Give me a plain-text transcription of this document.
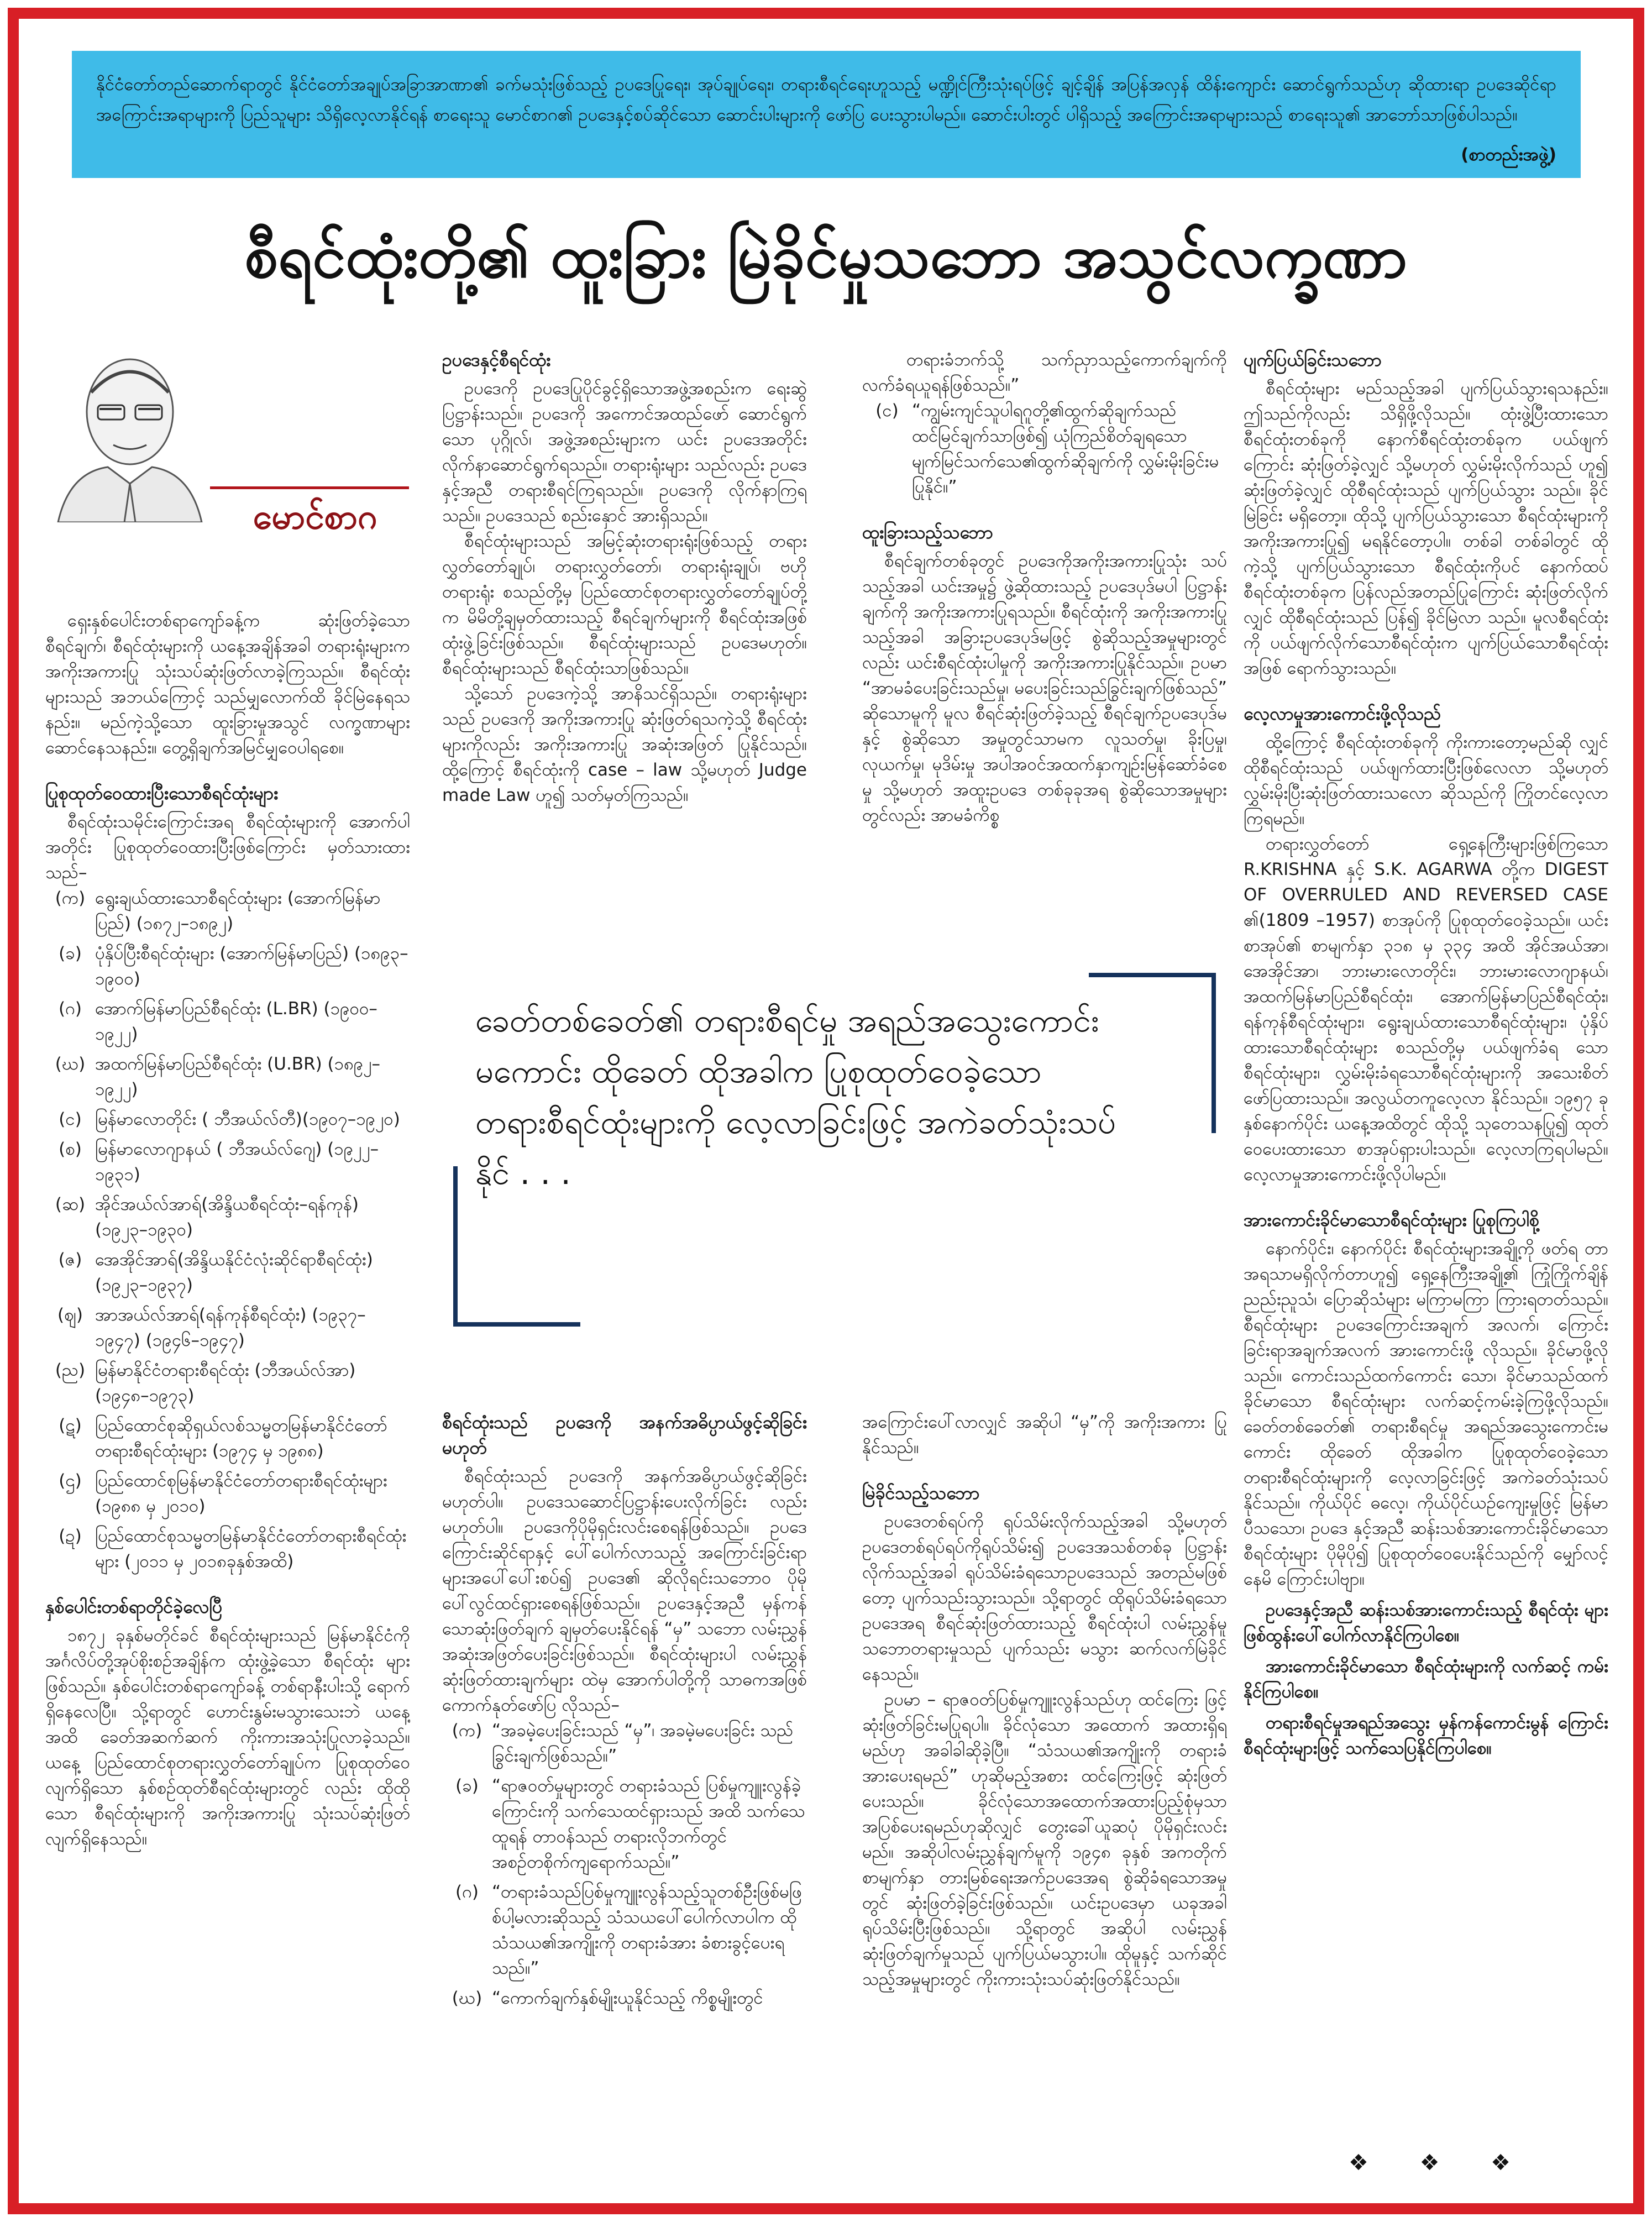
နိုင်ငံတော်တည်ဆောက်ရာတွင် နိုင်ငံတော်အချုပ်အခြာအာဏာ၏ ခက်မသုံးဖြစ်သည့် ဥပဒေပြုရေး၊ အုပ်ချုပ်ရေး၊ တရားစီရင်ရေးဟူသည့် မဏ္ဍိုင်ကြီးသုံးရပ်ဖြင့် ချင့်ချိန် အပြန်အလှန် ထိန်းကျောင်း ဆောင်ရွက်သည်ဟု ဆိုထားရာ ဥပဒေဆိုင်ရာ အကြောင်းအရာများကို ပြည်သူများ သိရှိလေ့လာနိုင်ရန် စာရေးသူ မောင်စာဂ၏ ဥပဒေနှင့်စပ်ဆိုင်သော ဆောင်းပါးများကို ဖော်ပြ ပေးသွားပါမည်။ ဆောင်းပါးတွင် ပါရှိသည့် အကြောင်းအရာများသည် စာရေးသူ၏ အာဘော်သာဖြစ်ပါသည်။
(စာတည်းအဖွဲ့)
စီရင်ထုံးတို့၏ ထူးခြား မြဲခိုင်မှုသဘော အသွင်လက္ခဏာ
မောင်စာဂ

ရှေးနှစ်ပေါင်းတစ်ရာကျော်ခန့်က ဆုံးဖြတ်ခဲ့သော စီရင်ချက်၊ စီရင်ထုံးများကို ယနေ့အချိန်အခါ တရားရုံးများက အကိုးအကားပြု သုံးသပ်ဆုံးဖြတ်လာခဲ့ကြသည်။ စီရင်ထုံးများသည် အဘယ်ကြောင့် သည်မျှလောက်ထိ ခိုင်မြဲနေရသနည်း။ မည်ကဲ့သို့သော ထူးခြားမှုအသွင် လက္ခဏာများ ဆောင်နေသနည်း။ တွေ့ရှိချက်အမြင်မျှဝေပါရစေ။

ပြုစုထုတ်ဝေထားပြီးသောစီရင်ထုံးများ

စီရင်ထုံးသမိုင်းကြောင်းအရ စီရင်ထုံးများကို အောက်ပါ အတိုင်း ပြုစုထုတ်ဝေထားပြီးဖြစ်ကြောင်း မှတ်သားထား သည်–

(က) ရွေးချယ်ထားသောစီရင်ထုံးများ (အောက်မြန်မာပြည်) (၁၈၇၂–၁၈၉၂)
(ခ) ပုံနှိပ်ပြီးစီရင်ထုံးများ (အောက်မြန်မာပြည်) (၁၈၉၃–၁၉၀၀)
(ဂ) အောက်မြန်မာပြည်စီရင်ထုံး (L.BR) (၁၉၀၀–၁၉၂၂)
(ဃ) အထက်မြန်မာပြည်စီရင်ထုံး (U.BR) (၁၈၉၂–၁၉၂၂)
(င) မြန်မာလောတိုင်း ( ဘီအယ်လ်တီ)(၁၉၀၇–၁၉၂၀)
(စ) မြန်မာလောဂျာနယ် ( ဘီအယ်လ်ဂျေ) (၁၉၂၂–၁၉၃၁)
(ဆ) အိုင်အယ်လ်အာရ်(အိန္ဒိယစီရင်ထုံး–ရန်ကုန်) (၁၉၂၃–၁၉၃၀)
(ဇ) အေအိုင်အာရ်(အိန္ဒိယနိုင်ငံလုံးဆိုင်ရာစီရင်ထုံး)(၁၉၂၃–၁၉၃၇)
(ဈ) အာအယ်လ်အာရ်(ရန်ကုန်စီရင်ထုံး) (၁၉၃၇–၁၉၄၇) (၁၉၄၆–၁၉၄၇)
(ည) မြန်မာနိုင်ငံတရားစီရင်ထုံး (ဘီအယ်လ်အာ) (၁၉၄၈–၁၉၇၃)
(ဋ) ပြည်ထောင်စုဆိုရှယ်လစ်သမ္မတမြန်မာနိုင်ငံတော်တရားစီရင်ထုံးများ (၁၉၇၄ မှ ၁၉၈၈)
(ဌ) ပြည်ထောင်စုမြန်မာနိုင်ငံတော်တရားစီရင်ထုံးများ (၁၉၈၈ မှ ၂၀၁၀)
(ဍ) ပြည်ထောင်စုသမ္မတမြန်မာနိုင်ငံတော်တရားစီရင်ထုံးများ (၂၀၁၁ မှ ၂၀၁၈ခုနှစ်အထိ)
နှစ်ပေါင်းတစ်ရာတိုင်ခဲ့လေပြီ

၁၈၇၂ ခုနှစ်မတိုင်ခင် စီရင်ထုံးများသည် မြန်မာနိုင်ငံကို အင်္ဂလိပ်တို့အုပ်စိုးစဉ်အချိန်က ထုံးဖွဲ့ခဲ့သော စီရင်ထုံး များဖြစ်သည်။ နှစ်ပေါင်းတစ်ရာကျော်ခန့် တစ်ရာနီးပါးသို့ ရောက်ရှိနေလေပြီ။ သို့ရာတွင် ဟောင်းနွမ်းမသွားသေးဘဲ ယနေ့အထိ ခေတ်အဆက်ဆက် ကိုးကားအသုံးပြုလာခဲ့သည်။ ယနေ့ ပြည်ထောင်စုတရားလွှတ်တော်ချုပ်က ပြုစုထုတ်ဝေလျက်ရှိသော နှစ်စဉ်ထုတ်စီရင်ထုံးများတွင် လည်း ထိုထိုသော စီရင်ထုံးများကို အကိုးအကားပြု သုံးသပ်ဆုံးဖြတ်လျက်ရှိနေသည်။

ဥပဒေနှင့်စီရင်ထုံး

ဥပဒေကို ဥပဒေပြုပိုင်ခွင့်ရှိသောအဖွဲ့အစည်းက ရေးဆွဲပြဋ္ဌာန်းသည်။ ဥပဒေကို အကောင်အထည်ဖော် ဆောင်ရွက်သော ပုဂ္ဂိုလ်၊ အဖွဲ့အစည်းများက ယင်း ဥပဒေအတိုင်း လိုက်နာဆောင်ရွက်ရသည်။ တရားရုံးများ သည်လည်း ဥပဒေနှင့်အညီ တရားစီရင်ကြရသည်။ ဥပဒေကို လိုက်နာကြရသည်။ ဥပဒေသည် စည်းနှောင် အားရှိသည်။

စီရင်ထုံးများသည် အမြင့်ဆုံးတရားရုံးဖြစ်သည့် တရားလွှတ်တော်ချုပ်၊ တရားလွှတ်တော်၊ တရားရုံးချုပ်၊ ဗဟိုတရားရုံး စသည်တို့မှ ပြည်ထောင်စုတရားလွှတ်တော်ချုပ်တို့က မိမိတို့ချမှတ်ထားသည့် စီရင်ချက်များကို စီရင်ထုံးအဖြစ် ထုံးဖွဲ့ခြင်းဖြစ်သည်။ စီရင်ထုံးများသည် ဥပဒေမဟုတ်။ စီရင်ထုံးများသည် စီရင်ထုံးသာဖြစ်သည်။

သို့သော် ဥပဒေကဲ့သို့ အာနိသင်ရှိသည်။ တရားရုံးများ သည် ဥပဒေကို အကိုးအကားပြု ဆုံးဖြတ်ရသကဲ့သို့ စီရင်ထုံးများကိုလည်း အကိုးအကားပြု အဆုံးအဖြတ် ပြုနိုင်သည်။ ထို့ကြောင့် စီရင်ထုံးကို case – law သို့မဟုတ် Judge made Law ဟူ၍ သတ်မှတ်ကြသည်။

တရားခံဘက်သို့ သက်ညှာသည့်ကောက်ချက်ကို လက်ခံရယူရန်ဖြစ်သည်။”

(င) “ကျွမ်းကျင်သူပါရဂူတို့၏ထွက်ဆိုချက်သည် ထင်မြင်ချက်သာဖြစ်၍ ယုံကြည်စိတ်ချရသော မျက်မြင်သက်သေ၏ထွက်ဆိုချက်ကို လွှမ်းမိုးခြင်းမပြုနိုင်။”
ထူးခြားသည့်သဘော

စီရင်ချက်တစ်ခုတွင် ဥပဒေကိုအကိုးအကားပြုသုံး သပ်သည့်အခါ ယင်းအမှု၌ ဖွဲ့ဆိုထားသည့် ဥပဒေပုဒ်မပါ ပြဋ္ဌာန်းချက်ကို အကိုးအကားပြုရသည်။ စီရင်ထုံးကို အကိုးအကားပြုသည့်အခါ အခြားဥပဒေပုဒ်မဖြင့် စွဲဆိုသည့်အမှုများတွင်လည်း ယင်းစီရင်ထုံးပါမှုကို အကိုးအကားပြုနိုင်သည်။ ဥပမာ “အာမခံပေးခြင်းသည်မှု၊ မပေးခြင်းသည်ခြွင်းချက်ဖြစ်သည်” ဆိုသောမူကို မူလ စီရင်ဆုံးဖြတ်ခဲ့သည့် စီရင်ချက်ဥပဒေပုဒ်မနှင့် စွဲဆိုသော အမှုတွင်သာမက လူသတ်မှု၊ ခိုးပြမှု၊ လုယက်မှု၊ မုဒိမ်းမှု အပါအဝင်အထက်နှာကျဉ်းမြန်ဆော်ခံစေမှု သို့မဟုတ် အထူးဥပဒေ တစ်ခုခုအရ စွဲဆိုသောအမှုများတွင်လည်း အာမခံကိစ္စ

ခေတ်တစ်ခေတ်၏ တရားစီရင်မှု အရည်အသွေးကောင်း မကောင်း ထိုခေတ် ထိုအခါက ပြုစုထုတ်ဝေခဲ့သော တရားစီရင်ထုံးများကို လေ့လာခြင်းဖြင့် အကဲခတ်သုံးသပ်နိုင် . . .
စီရင်ထုံးသည် ဥပဒေကို အနက်အဓိပ္ပာယ်ဖွင့်ဆိုခြင်းမဟုတ်

စီရင်ထုံးသည် ဥပဒေကို အနက်အဓိပ္ပာယ်ဖွင့်ဆိုခြင်း မဟုတ်ပါ။ ဥပဒေသဆောင်ပြဋ္ဌာန်းပေးလိုက်ခြင်း လည်းမဟုတ်ပါ။ ဥပဒေကိုပိုမိုရှင်းလင်းစေရန်ဖြစ်သည်။ ဥပဒေကြောင်းဆိုင်ရာနှင့် ပေါ်ပေါက်လာသည့် အကြောင်းခြင်းရာများအပေါ်ပေါ်းစပ်၍ ဥပဒေ၏ ဆိုလိုရင်းသဘောဝ ပိုမိုပေါ်လွင်ထင်ရှားစေရန်ဖြစ်သည်။ ဥပဒေနှင့်အညီ မှန်ကန်သောဆုံးဖြတ်ချက် ချမှတ်ပေးနိုင်ရန် “မှ” သဘော လမ်းညွှန်အဆုံးအဖြတ်ပေးခြင်းဖြစ်သည်။ စီရင်ထုံးများပါ လမ်းညွှန်ဆုံးဖြတ်ထားချက်များ ထဲမှ အောက်ပါတို့ကို သာဓကအဖြစ် ကောက်နုတ်ဖော်ပြ လိုသည်–

(က) “အခမဲ့ပေးခြင်းသည် “မှ”၊ အခမဲ့မပေးခြင်း သည် ခြွင်းချက်ဖြစ်သည်။”
(ခ) “ရာဇဝတ်မှုများတွင် တရားခံသည် ပြစ်မှုကျူးလွန်ခဲ့ကြောင်းကို သက်သေထင်ရှားသည် အထိ သက်သေထူရန် တာဝန်သည် တရားလိုဘက်တွင် အစဉ်တစိုက်ကျရောက်သည်။”
(ဂ) “တရားခံသည်ပြစ်မှုကျူးလွန်သည့်သူတစ်ဦးဖြစ်မဖြစ်ပါ့မလားဆိုသည့် သံသယပေါ်ပေါက်လာပါက ထိုသံသယ၏အကျိုးကို တရားခံအား ခံစားခွင့်ပေးရသည်။”
(ဃ) “ကောက်ချက်နှစ်မျိုးယူနိုင်သည့် ကိစ္စမျိုးတွင်

အကြောင်းပေါ်လာလျှင် အဆိုပါ “မှ”ကို အကိုးအကား ပြုနိုင်သည်။

မြဲခိုင်သည့်သဘော

ဥပဒေတစ်ရပ်ကို ရုပ်သိမ်းလိုက်သည့်အခါ သို့မဟုတ် ဥပဒေတစ်ရပ်ရပ်ကိုရုပ်သိမ်း၍ ဥပဒေအသစ်တစ်ခု ပြဋ္ဌာန်းလိုက်သည့်အခါ ရုပ်သိမ်းခံရသောဥပဒေသည် အတည်မဖြစ်တော့ ပျက်သည်းသွားသည်။ သို့ရာတွင် ထိုရုပ်သိမ်းခံရသောဥပဒေအရ စီရင်ဆုံးဖြတ်ထားသည့် စီရင်ထုံးပါ လမ်းညွှန်မူသဘောတရားမှုသည် ပျက်သည်း မသွား ဆက်လက်မြဲခိုင်နေသည်။

ဥပမာ – ရာဇဝတ်ပြစ်မှုကျူးလွန်သည်ဟု ထင်ကြေး ဖြင့် ဆုံးဖြတ်ခြင်းမပြုရပါ။ ခိုင်လုံသော အထောက် အထားရှိရမည်ဟု အခါခါဆိုခဲ့ပြီ။ “သံသယ၏အကျိုးကို တရားခံအားပေးရမည်” ဟုဆိုမည့်အစား ထင်ကြေးဖြင့် ဆုံးဖြတ်ပေးသည်။ ခိုင်လုံသောအထောက်အထားပြည့်စုံမှသာ အပြစ်ပေးရမည်ဟုဆိုလျှင် တွေးခေါ်ယူဆပုံ ပိုမိုရှင်းလင်းမည်။ အဆိုပါလမ်းညွှန်ချက်မူကို ၁၉၄၈ ခုနှစ် အကတိုက်စာမျက်နှာ တားမြစ်ရေးအက်ဥပဒေအရ စွဲဆိုခံရသောအမှုတွင် ဆုံးဖြတ်ခဲ့ခြင်းဖြစ်သည်။ ယင်းဥပဒေမှာ ယခုအခါ ရုပ်သိမ်းပြီးဖြစ်သည်။ သို့ရာတွင် အဆိုပါ လမ်းညွှန်ဆုံးဖြတ်ချက်မှုသည် ပျက်ပြယ်မသွားပါ။ ထိုမူနှင့် သက်ဆိုင်သည့်အမှုများတွင် ကိုးကားသုံးသပ်ဆုံးဖြတ်နိုင်သည်။

ပျက်ပြယ်ခြင်းသဘော

စီရင်ထုံးများ မည်သည့်အခါ ပျက်ပြယ်သွားရသနည်း။ ဤသည်ကိုလည်း သိရှိဖို့လိုသည်။ ထုံးဖွဲ့ပြီးထားသော စီရင်ထုံးတစ်ခုကို နောက်စီရင်ထုံးတစ်ခုက ပယ်ဖျက် ကြောင်း ဆုံးဖြတ်ခဲ့လျှင် သို့မဟုတ် လွှမ်းမိုးလိုက်သည် ဟူ၍ ဆုံးဖြတ်ခဲ့လျှင် ထိုစီရင်ထုံးသည် ပျက်ပြယ်သွား သည်။ ခိုင်မြဲခြင်း မရှိတော့။ ထိုသို့ ပျက်ပြယ်သွားသော စီရင်ထုံးများကို အကိုးအကားပြု၍ မရနိုင်တော့ပါ။ တစ်ခါ တစ်ခါတွင် ထိုကဲ့သို့ ပျက်ပြယ်သွားသော စီရင်ထုံးကိုပင် နောက်ထပ်စီရင်ထုံးတစ်ခုက ပြန်လည်အတည်ပြုကြောင်း ဆုံးဖြတ်လိုက်လျှင် ထိုစီရင်ထုံးသည် ပြန်၍ ခိုင်မြဲလာ သည်။ မူလစီရင်ထုံးကို ပယ်ဖျက်လိုက်သောစီရင်ထုံးက ပျက်ပြယ်သောစီရင်ထုံးအဖြစ် ရောက်သွားသည်။

လေ့လာမှုအားကောင်းဖို့လိုသည်

ထို့ကြောင့် စီရင်ထုံးတစ်ခုကို ကိုးကားတော့မည်ဆို လျှင် ထိုစီရင်ထုံးသည် ပယ်ဖျက်ထားပြီးဖြစ်လေလာ သို့မဟုတ် လွှမ်းမိုးပြီးဆုံးဖြတ်ထားသလော ဆိုသည်ကို ကြိုတင်လေ့လာကြရမည်။

တရားလွှတ်တော် ရှေ့နေကြီးများဖြစ်ကြသော R.KRISHNA နှင့် S.K. AGARWA တို့က DIGEST OF OVERRULED AND REVERSED CASE ၏(1809 –1957) စာအုပ်ကို ပြုစုထုတ်ဝေခဲ့သည်။ ယင်းစာအုပ်၏ စာမျက်နှာ ၃၁၈ မှ ၃၃၄ အထိ အိုင်အယ်အာ၊ အေအိုင်အာ၊ ဘားမားလောတိုင်း၊ ဘားမားလောဂျာနယ်၊ အထက်မြန်မာပြည်စီရင်ထုံး၊ အောက်မြန်မာပြည်စီရင်ထုံး၊ ရန်ကုန်စီရင်ထုံးများ၊ ရွေးချယ်ထားသောစီရင်ထုံးများ၊ ပုံနှိပ်ထားသောစီရင်ထုံးများ စသည်တို့မှ ပယ်ဖျက်ခံရ သော စီရင်ထုံးများ၊ လွှမ်းမိုးခံရသောစီရင်ထုံးများကို အသေးစိတ်ဖော်ပြထားသည်။ အလွယ်တကူလေ့လာ နိုင်သည်။ ၁၉၅၇ ခုနှစ်နောက်ပိုင်း ယနေ့အထိတွင် ထိုသို့ သုတေသနပြု၍ ထုတ်ဝေပေးထားသော စာအုပ်ရှားပါးသည်။ လေ့လာကြရပါမည်။ လေ့လာမှုအားကောင်းဖို့လိုပါမည်။

အားကောင်းခိုင်မာသောစီရင်ထုံးများ ပြုစုကြပါစို့

နောက်ပိုင်း၊ နောက်ပိုင်း စီရင်ထုံးများအချို့ကို ဖတ်ရ တာ အရသာမရှိလိုက်တာဟူ၍ ရှေ့နေကြီးအချို့၏ ကြုံကြိုက်ချိန် ညည်းညူသံ၊ ပြောဆိုသံများ မကြာမကြာ ကြားရတတ်သည်။ စီရင်ထုံးများ ဥပဒေကြောင်းအချက် အလက်၊ ကြောင်းခြင်းရာအချက်အလက် အားကောင်းဖို့ လိုသည်။ ခိုင်မာဖို့လိုသည်။ ကောင်းသည်ထက်ကောင်း သော၊ ခိုင်မာသည်ထက်ခိုင်မာသော စီရင်ထုံးများ လက်ဆင့်ကမ်းခဲ့ကြဖို့လိုသည်။ ခေတ်တစ်ခေတ်၏ တရားစီရင်မှု အရည်အသွေးကောင်းမကောင်း ထိုခေတ် ထိုအခါက ပြုစုထုတ်ဝေခဲ့သော တရားစီရင်ထုံးများကို လေ့လာခြင်းဖြင့် အကဲခတ်သုံးသပ်နိုင်သည်။ ကိုယ်ပိုင် ဓလေ့၊ ကိုယ်ပိုင်ယဉ်ကျေးမှုဖြင့် မြန်မာပီသသော၊ ဥပဒေ နှင့်အညီ ဆန်းသစ်အားကောင်းခိုင်မာသော စီရင်ထုံးများ ပိုမိုပို၍ ပြုစုထုတ်ဝေပေးနိုင်သည်ကို မျှော်လင့်နေမိ ကြောင်းပါဗျာ။

ဥပဒေနှင့်အညီ ဆန်းသစ်အားကောင်းသည့် စီရင်ထုံး များ ဖြစ်ထွန်းပေါ်ပေါက်လာနိုင်ကြပါစေ။

အားကောင်းခိုင်မာသော စီရင်ထုံးများကို လက်ဆင့် ကမ်းနိုင်ကြပါစေ။

တရားစီရင်မှုအရည်အသွေး မှန်ကန်ကောင်းမွန် ကြောင်း စီရင်ထုံးများဖြင့် သက်သေပြနိုင်ကြပါစေ။

❖ ❖ ❖
